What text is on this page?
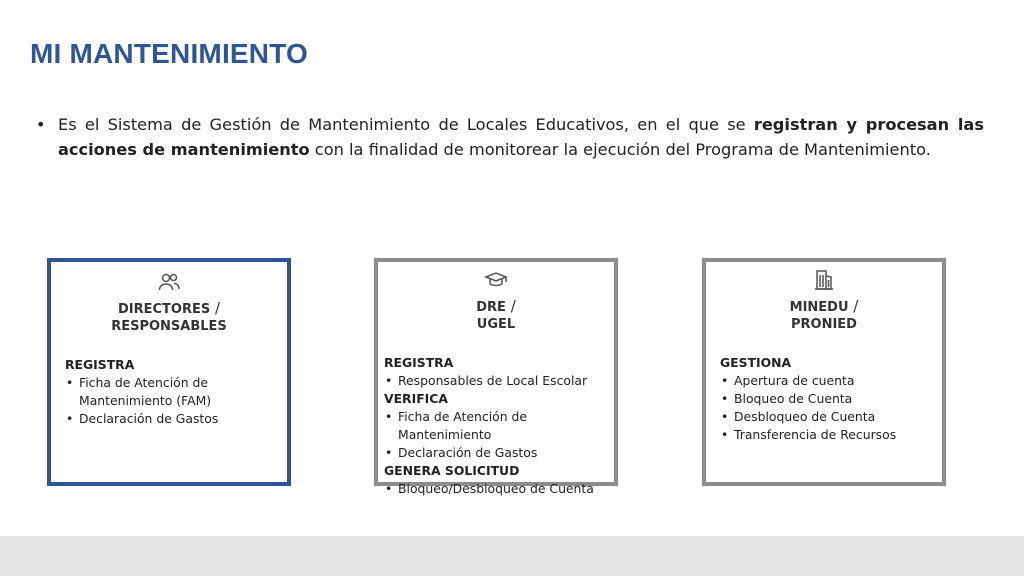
MI MANTENIMIENTO
• Es el Sistema de Gestión de Mantenimiento de Locales Educativos, en el que se registran y procesan las acciones de mantenimiento con la finalidad de monitorear la ejecución del Programa de Mantenimiento.
DIRECTORES /
RESPONSABLES
REGISTRA
• Ficha de Atención de Mantenimiento (FAM)
• Declaración de Gastos
DRE /
UGEL
REGISTRA
• Responsables de Local Escolar
VERIFICA
• Ficha de Atención de Mantenimiento
• Declaración de Gastos
GENERA SOLICITUD
• Bloqueo/Desbloqueo de Cuenta
MINEDU /
PRONIED
GESTIONA
• Apertura de cuenta
• Bloqueo de Cuenta
• Desbloqueo de Cuenta
• Transferencia de Recursos
